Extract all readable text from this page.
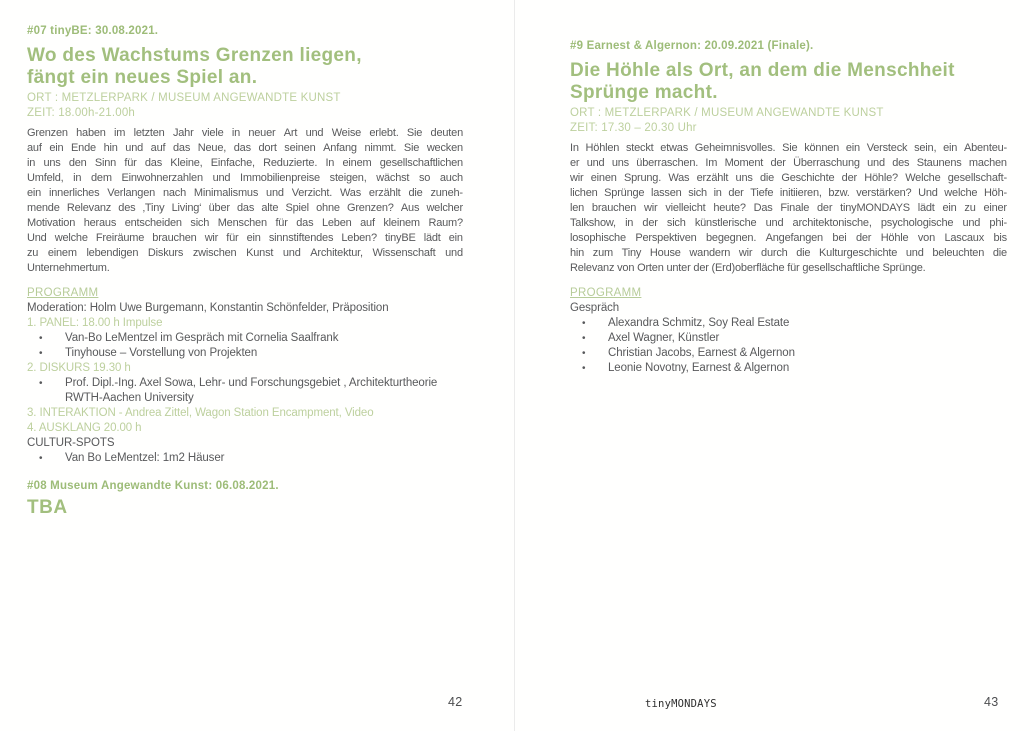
#07 tinyBE: 30.08.2021.
Wo des Wachstums Grenzen liegen,
fängt ein neues Spiel an.
ORT : METZLERPARK / MUSEUM ANGEWANDTE KUNST
ZEIT: 18.00h-21.00h
Grenzen haben im letzten Jahr viele in neuer Art und Weise erlebt. Sie deuten
auf ein Ende hin und auf das Neue, das dort seinen Anfang nimmt. Sie wecken
in uns den Sinn für das Kleine, Einfache, Reduzierte. In einem gesellschaftlichen
Umfeld, in dem Einwohnerzahlen und Immobilienpreise steigen, wächst so auch
ein innerliches Verlangen nach Minimalismus und Verzicht. Was erzählt die zuneh-
mende Relevanz des ‚Tiny Living‘ über das alte Spiel ohne Grenzen? Aus welcher
Motivation heraus entscheiden sich Menschen für das Leben auf kleinem Raum?
Und welche Freiräume brauchen wir für ein sinnstiftendes Leben? tinyBE lädt ein
zu einem lebendigen Diskurs zwischen Kunst und Architektur, Wissenschaft und
Unternehmertum.
PROGRAMM
Moderation: Holm Uwe Burgemann, Konstantin Schönfelder, Präposition
1. PANEL: 18.00 h Impulse
• Van-Bo LeMentzel im Gespräch mit Cornelia Saalfrank
• Tinyhouse – Vorstellung von Projekten
2. DISKURS 19.30 h
• Prof. Dipl.-Ing. Axel Sowa, Lehr- und Forschungsgebiet , Architekturtheorie
RWTH-Aachen University
3. INTERAKTION - Andrea Zittel, Wagon Station Encampment, Video
4. AUSKLANG 20.00 h
CULTUR-SPOTS
• Van Bo LeMentzel: 1m2 Häuser
#08 Museum Angewandte Kunst: 06.08.2021.
TBA
#9 Earnest & Algernon: 20.09.2021 (Finale).
Die Höhle als Ort, an dem die Menschheit
Sprünge macht.
ORT : METZLERPARK / MUSEUM ANGEWANDTE KUNST
ZEIT: 17.30 – 20.30 Uhr
In Höhlen steckt etwas Geheimnisvolles. Sie können ein Versteck sein, ein Abenteu-
er und uns überraschen. Im Moment der Überraschung und des Staunens machen
wir einen Sprung. Was erzählt uns die Geschichte der Höhle? Welche gesellschaft-
lichen Sprünge lassen sich in der Tiefe initiieren, bzw. verstärken? Und welche Höh-
len brauchen wir vielleicht heute? Das Finale der tinyMONDAYS lädt ein zu einer
Talkshow, in der sich künstlerische und architektonische, psychologische und phi-
losophische Perspektiven begegnen. Angefangen bei der Höhle von Lascaux bis
hin zum Tiny House wandern wir durch die Kulturgeschichte und beleuchten die
Relevanz von Orten unter der (Erd)oberfläche für gesellschaftliche Sprünge.
PROGRAMM
Gespräch
• Alexandra Schmitz, Soy Real Estate
• Axel Wagner, Künstler
• Christian Jacobs, Earnest & Algernon
• Leonie Novotny, Earnest & Algernon
42	tinyMONDAYS	43
